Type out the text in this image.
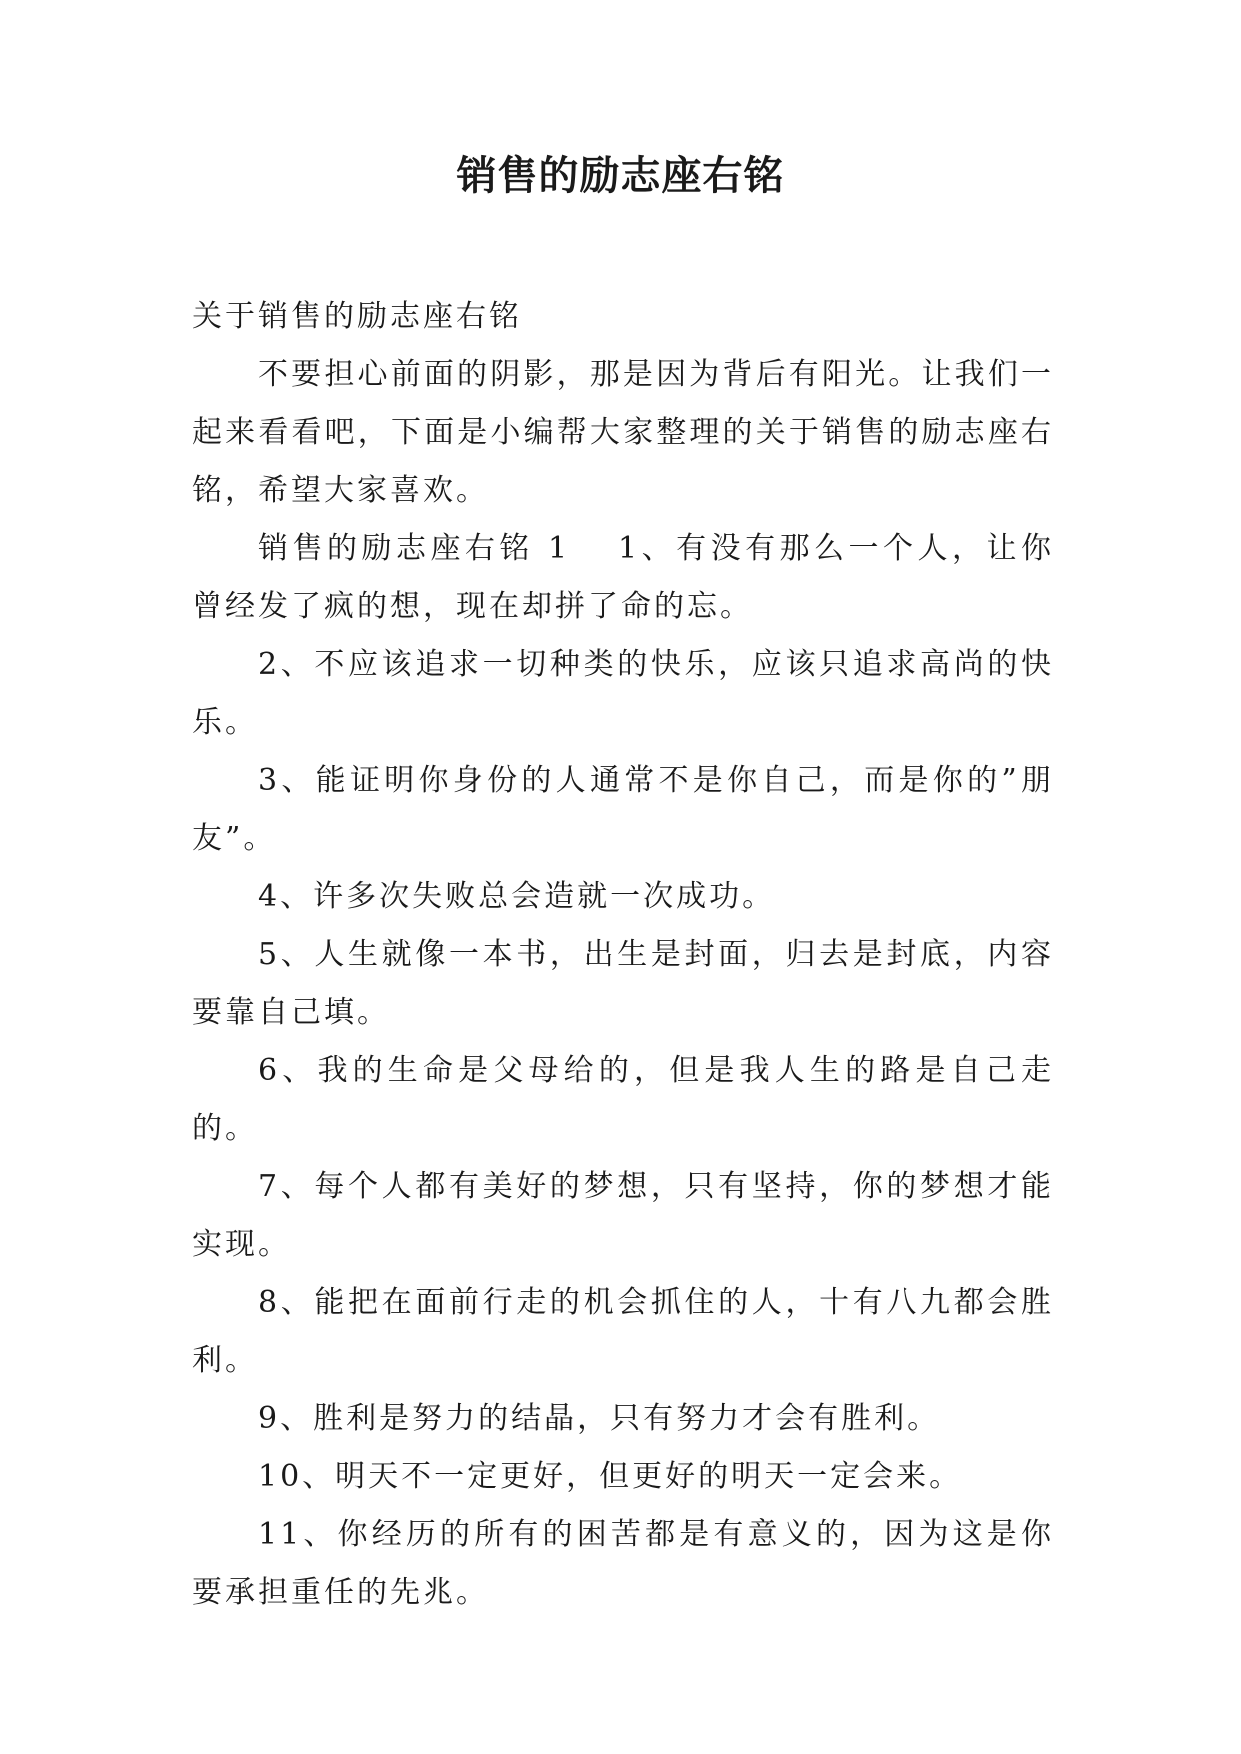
销售的励志座右铭

关于销售的励志座右铭

不要担心前面的阴影，那是因为背后有阳光。让我们一起来看看吧，下面是小编帮大家整理的关于销售的励志座右铭，希望大家喜欢。

销售的励志座右铭 1 1、有没有那么一个人，让你曾经发了疯的想，现在却拼了命的忘。

2、不应该追求一切种类的快乐，应该只追求高尚的快乐。

3、能证明你身份的人通常不是你自己，而是你的”朋友”。

4、许多次失败总会造就一次成功。

5、人生就像一本书，出生是封面，归去是封底，内容要靠自己填。

6、我的生命是父母给的，但是我人生的路是自己走的。

7、每个人都有美好的梦想，只有坚持，你的梦想才能实现。

8、能把在面前行走的机会抓住的人，十有八九都会胜利。

9、胜利是努力的结晶，只有努力才会有胜利。

10、明天不一定更好，但更好的明天一定会来。

11、你经历的所有的困苦都是有意义的，因为这是你要承担重任的先兆。
